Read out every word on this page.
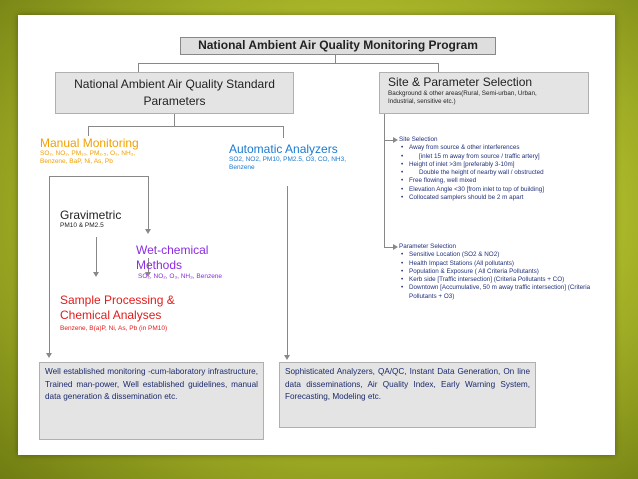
National Ambient Air Quality Monitoring Program
National Ambient Air Quality Standard
Parameters
Site & Parameter Selection
Background & other areas(Rural, Semi-urban, Urban,
Industrial, sensitive etc.)
Manual Monitoring
SO₂, NO₂, PM₁₀, PM₂.₅, O₃, NH₃,
Benzene, BaP, Ni, As, Pb
Automatic Analyzers
SO2, NO2, PM10, PM2.5, O3, CO, NH3,
Benzene
Gravimetric
PM10 & PM2.5
Wet-chemical
Methods
SO₂, NO₂, O₃, NH₃, Benzene
Sample Processing &
Chemical Analyses
Benzene, B(a)P, Ni, As, Pb (in PM10)
Site Selection
• Away from source & other interferences
• [inlet 15 m away from source / traffic artery]
• Height of inlet >3m [preferably 3-10m]
• Double the height of nearby wall / obstructed
• Free flowing, well mixed
• Elevation Angle <30 [from inlet to top of building]
• Collocated samplers should be 2 m apart
Parameter Selection
• Sensitive Location (SO2 & NO2)
• Health Impact Stations (All pollutants)
• Population & Exposure ( All Criteria Pollutants)
• Kerb side [Traffic intersection] (Criteria Pollutants + CO)
• Downtown [Accumulative, 50 m away traffic intersection] (Criteria Pollutants + O3)
Well established monitoring -cum-laboratory infrastructure, Trained man-power, Well established guidelines, manual data generation & dissemination etc.
Sophisticated Analyzers, QA/QC, Instant Data Generation, On line data disseminations, Air Quality Index, Early Warning System, Forecasting, Modeling etc.
